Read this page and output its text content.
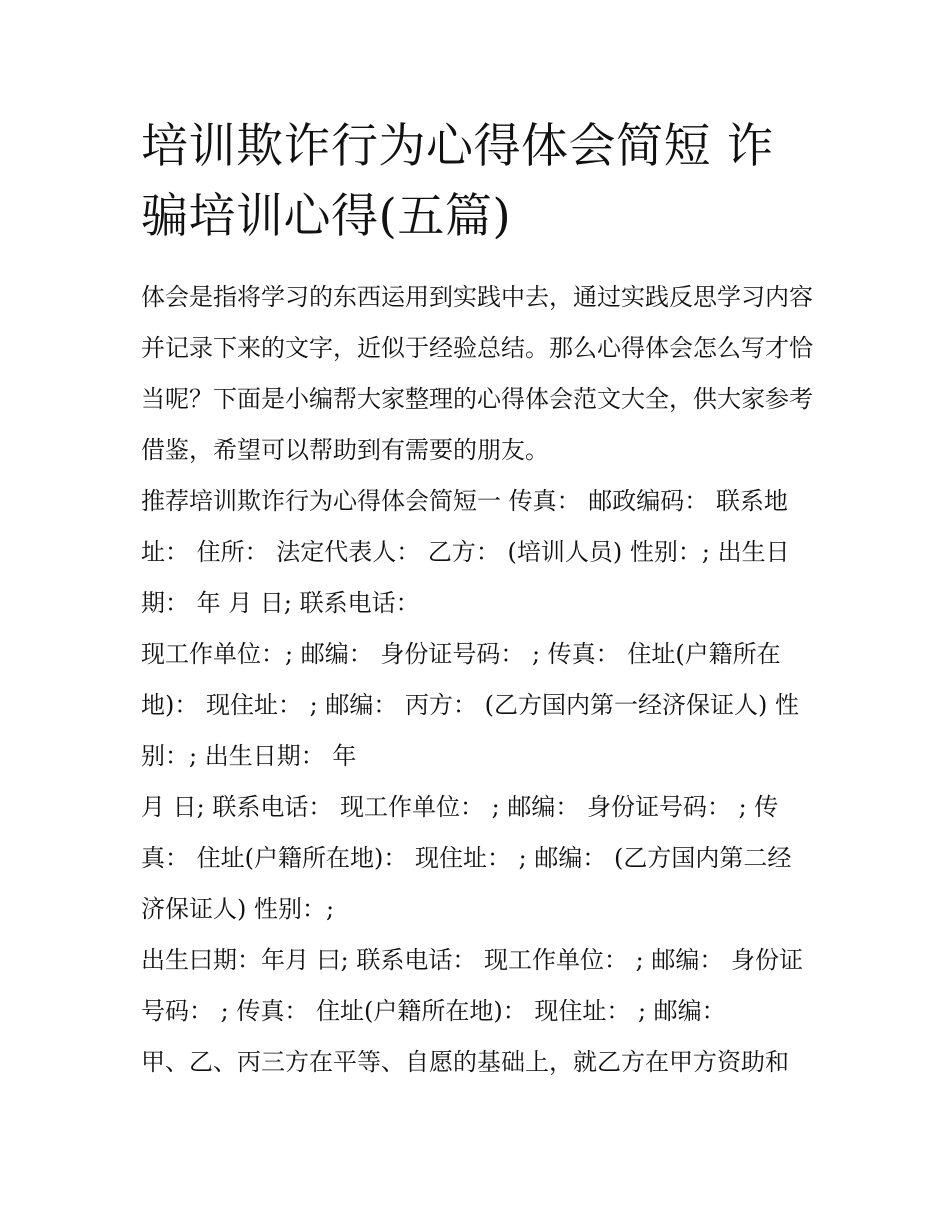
培训欺诈行为心得体会简短 诈骗培训心得(五篇)

体会是指将学习的东西运用到实践中去，通过实践反思学习内容并记录下来的文字，近似于经验总结。那么心得体会怎么写才恰当呢？下面是小编帮大家整理的心得体会范文大全，供大家参考借鉴，希望可以帮助到有需要的朋友。

推荐培训欺诈行为心得体会简短一 传真： 邮政编码： 联系地址： 住所： 法定代表人： 乙方： (培训人员) 性别：; 出生日期： 年 月 日; 联系电话：

现工作单位：; 邮编： 身份证号码： ; 传真： 住址(户籍所在地)： 现住址： ; 邮编： 丙方： (乙方国内第一经济保证人) 性别：; 出生日期： 年

月 日; 联系电话： 现工作单位： ; 邮编： 身份证号码： ; 传真： 住址(户籍所在地)： 现住址： ; 邮编： (乙方国内第二经济保证人) 性别：;

出生曰期：年月 曰; 联系电话： 现工作单位： ; 邮编： 身份证号码： ; 传真： 住址(户籍所在地)： 现住址： ; 邮编：

甲、乙、丙三方在平等、自愿的基础上，就乙方在甲方资助和
